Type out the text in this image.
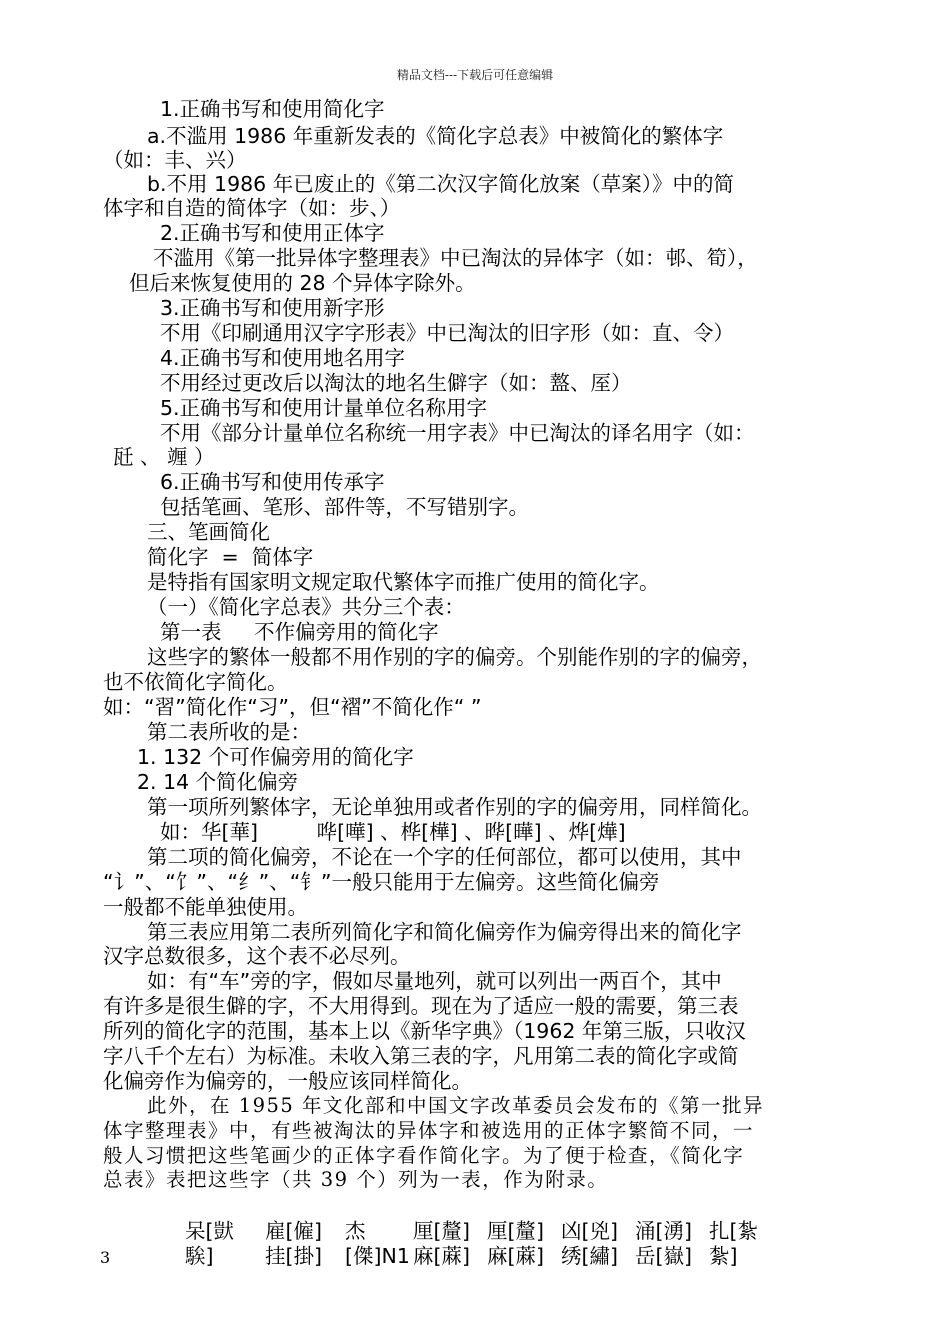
精品文档---下载后可任意编辑
1.正确书写和使用简化字
a.不滥用 1986 年重新发表的《简化字总表》中被简化的繁体字
（如：丰、兴）
b.不用 1986 年已废止的《第二次汉字简化放案（草案）》中的简
体字和自造的简体字（如：步、）
2.正确书写和使用正体字
不滥用《第一批异体字整理表》中已淘汰的异体字（如：邨、筍），
但后来恢复使用的 28 个异体字除外。
3.正确书写和使用新字形
不用《印刷通用汉字字形表》中已淘汰的旧字形（如：直、令）
4.正确书写和使用地名用字
不用经过更改后以淘汰的地名生僻字（如：盩、厔）
5.正确书写和使用计量单位名称用字
不用《部分计量单位名称统一用字表》中已淘汰的译名用字（如：
瓩 、 竰 ）
6.正确书写和使用传承字
包括笔画、笔形、部件等，不写错别字。
三、笔画简化
简化字  =  简体字
是特指有国家明文规定取代繁体字而推广使用的简化字。
（一）《简化字总表》共分三个表：
第一表     不作偏旁用的简化字
这些字的繁体一般都不用作别的字的偏旁。个别能作别的字的偏旁，
也不依简化字简化。
如：“習”简化作“习”，但“褶”不简化作“ ”
第二表所收的是：
1. 132 个可作偏旁用的简化字
2. 14 个简化偏旁
第一项所列繁体字，无论单独用或者作别的字的偏旁用，同样简化。
如：华[華]         哗[嘩] 、桦[樺] 、晔[曄] 、烨[燁]
第二项的简化偏旁，不论在一个字的任何部位，都可以使用，其中
“讠”、“饣”、“纟”、“钅”一般只能用于左偏旁。这些简化偏旁
一般都不能单独使用。
第三表应用第二表所列简化字和简化偏旁作为偏旁得出来的简化字
汉字总数很多，这个表不必尽列。
如：有“车”旁的字，假如尽量地列，就可以列出一两百个，其中
有许多是很生僻的字，不大用得到。现在为了适应一般的需要，第三表
所列的简化字的范围，基本上以《新华字典》（1962 年第三版，只收汉
字八千个左右）为标准。未收入第三表的字，凡用第二表的简化字或简
化偏旁作为偏旁的，一般应该同样简化。
此外，在 1955 年文化部和中国文字改革委员会发布的《第一批异
体字整理表》中，有些被淘汰的异体字和被选用的正体字繁简不同，一
般人习惯把这些笔画少的正体字看作简化字。为了便于检查，《简化字
总表》表把这些字（共 39 个）列为一表，作为附录。

呆[獃 雇[僱] 杰 厘[釐] 厘[釐] 凶[兇] 涌[湧] 扎[紮

騃]	挂[掛] [傑]N1 麻[蔴] 麻[蔴] 绣[繡] 岳[嶽] 紮]

3
